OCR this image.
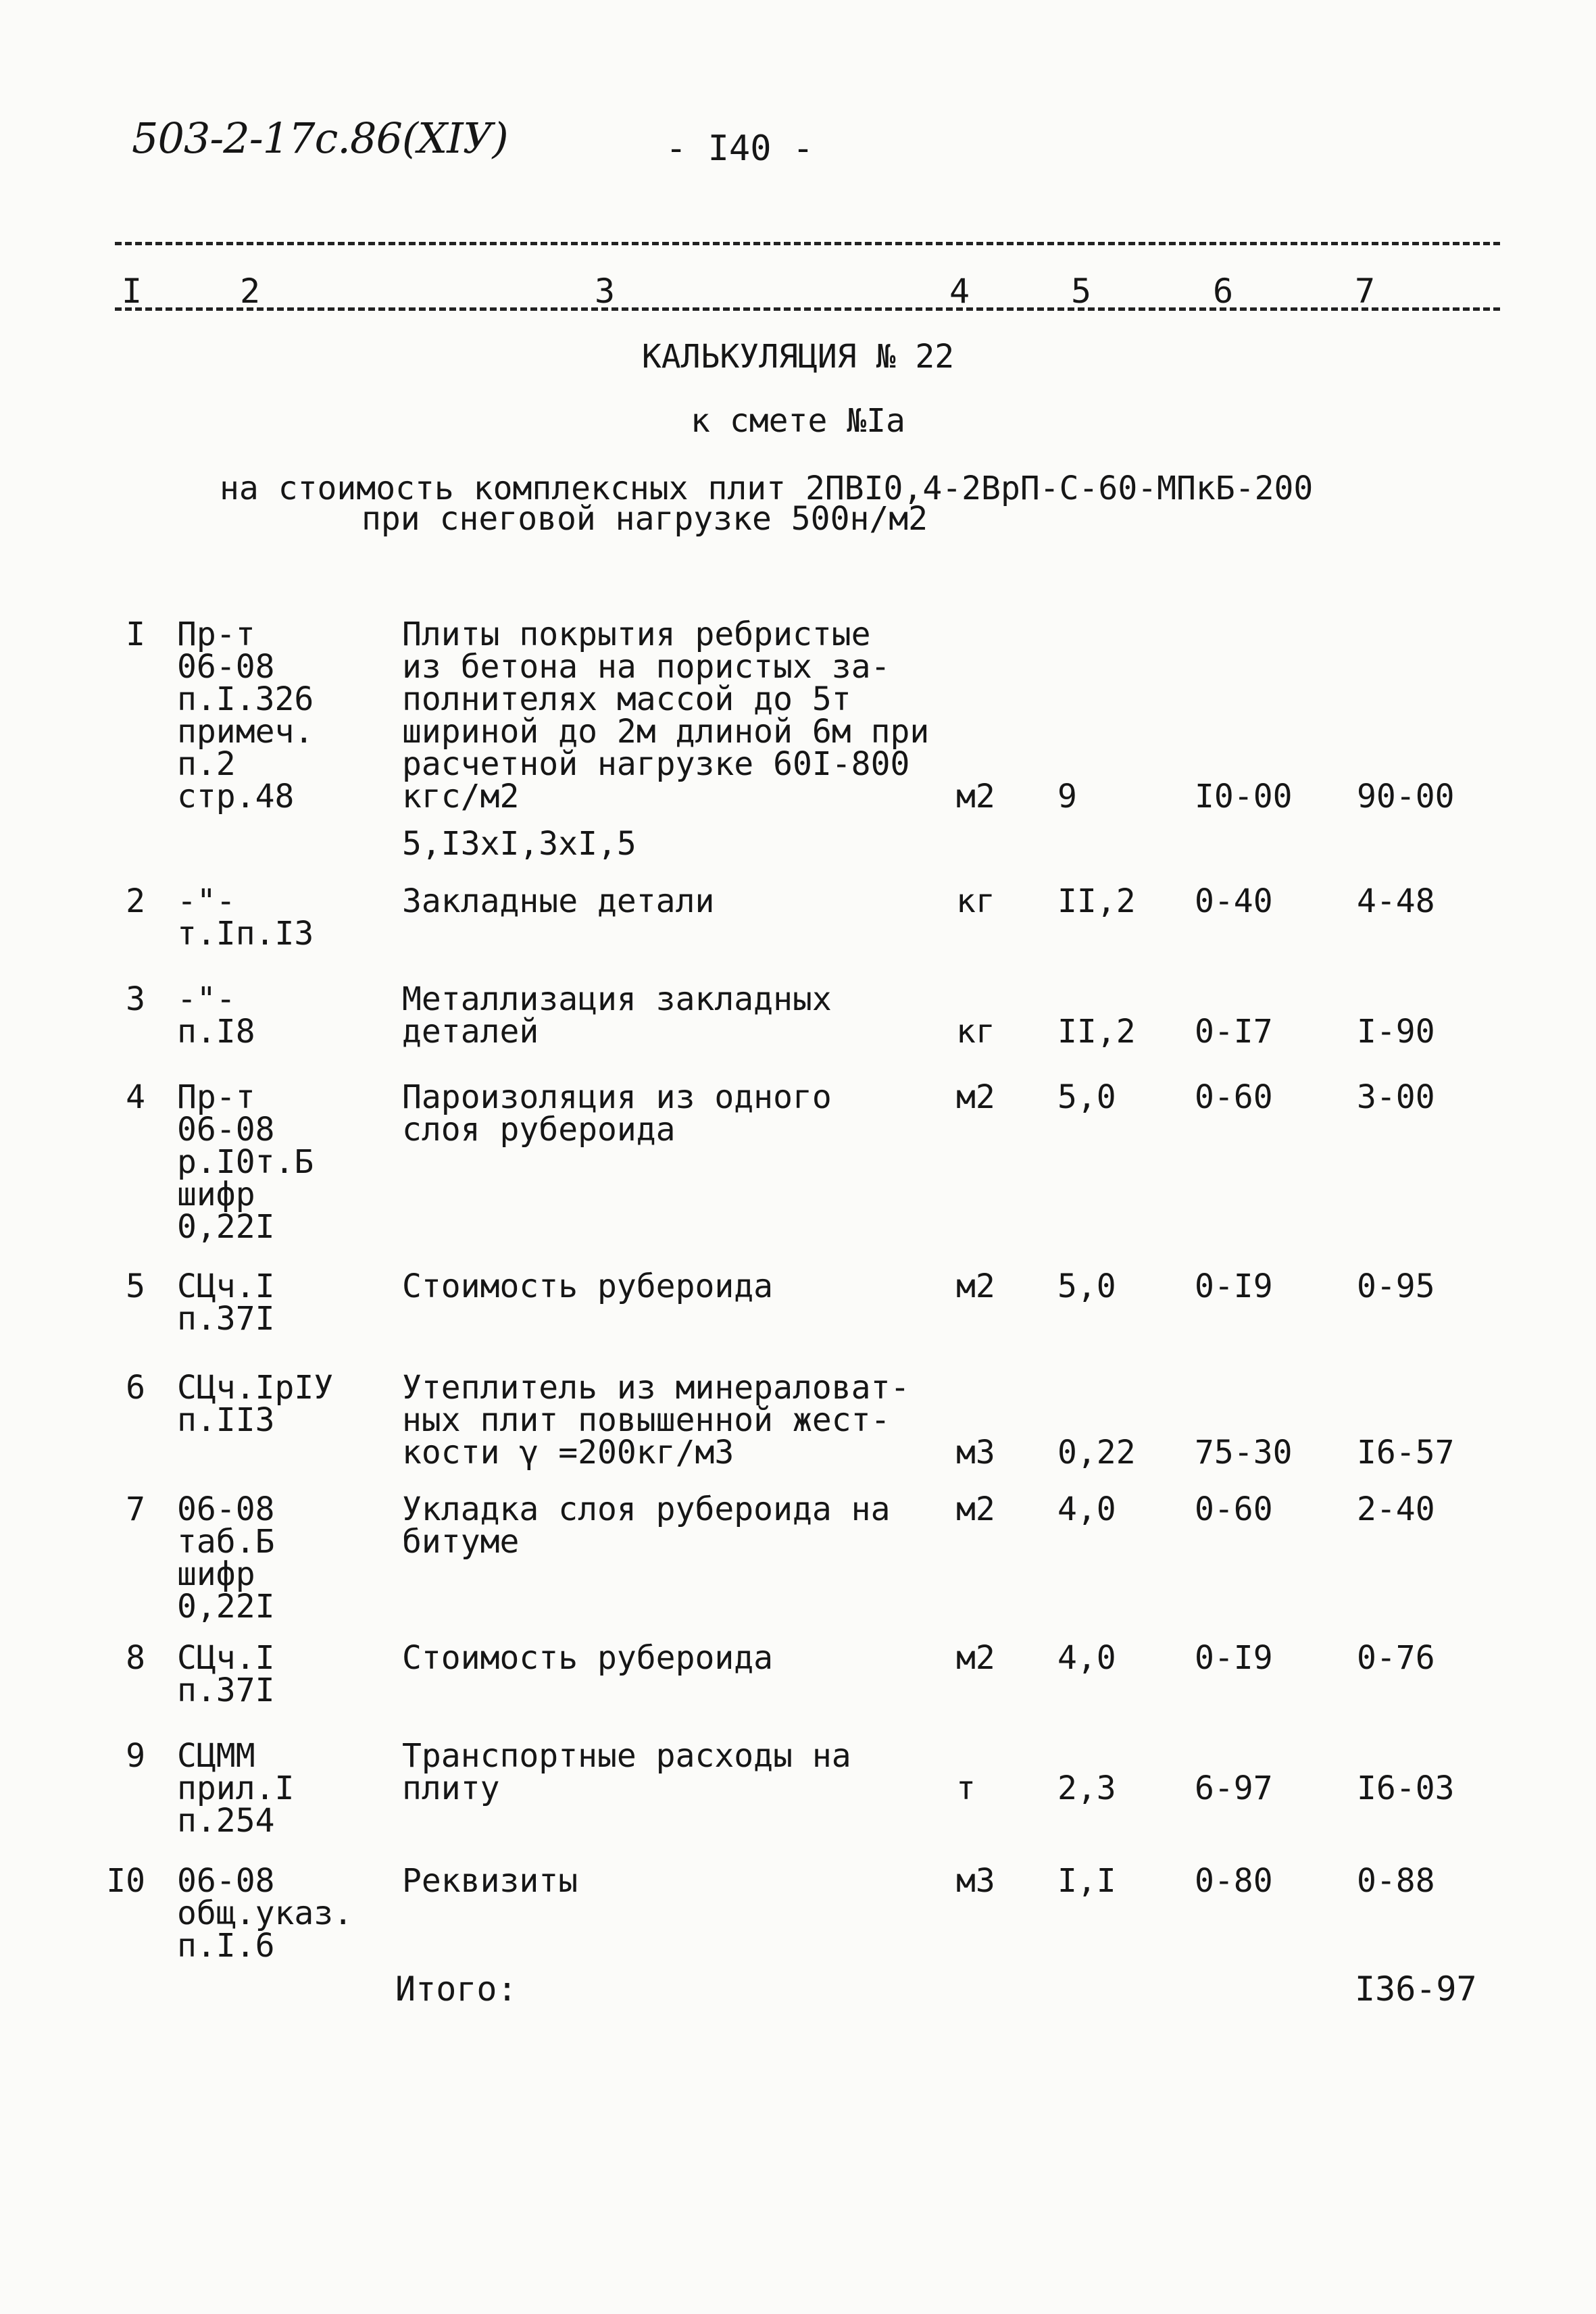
503-2-17с.86(XIУ)	- I40 -
I	2	3	4	5	6	7
КАЛЬКУЛЯЦИЯ № 22
к смете №Iа
на стоимость комплексных плит 2ПВI0,4-2ВрП-С-60-МПкБ-200
при снеговой нагрузке 500н/м2
I Пр-т
06-08
п.I.326
примеч.
п.2
стр.48
Плиты покрытия ребристые
из бетона на пористых за-
полнителях массой до 5т
шириной до 2м длиной 6м при
расчетной нагрузке 60I-800
кгс/м2
5,I3хI,3хI,5
м2 9	I0-00 90-00
2 -"-
т.Iп.I3
Закладные детали	кг II,2 0-40	4-48
3 -"-
п.I8
Металлизация закладных
деталей	кг II,2 0-I7	I-90
4 Пр-т
06-08
р.I0т.Б
шифр
0,22I
Пароизоляция из одного
слоя рубероида
м2 5,0 0-60	3-00
5 СЦч.I
п.37I
Стоимость рубероида	м2 5,0 0-I9	0-95
6 СЦч.IрIУ
п.II3
Утеплитель из минераловат-
ных плит повышенной жест-
кости γ =200кг/м3	м3 0,22 75-30 I6-57
7 06-08
таб.Б
шифр
0,22I
Укладка слоя рубероида на
битуме
м2 4,0 0-60	2-40
8 СЦч.I
п.37I
Стоимость рубероида	м2 4,0 0-I9	0-76
9 СЦММ
прил.I
п.254
Транспортные расходы на
плиту	т	2,3 6-97	I6-03
I0 06-08
общ.указ.
п.I.6
Реквизиты	м3 I,I 0-80	0-88
Итого:	I36-97
